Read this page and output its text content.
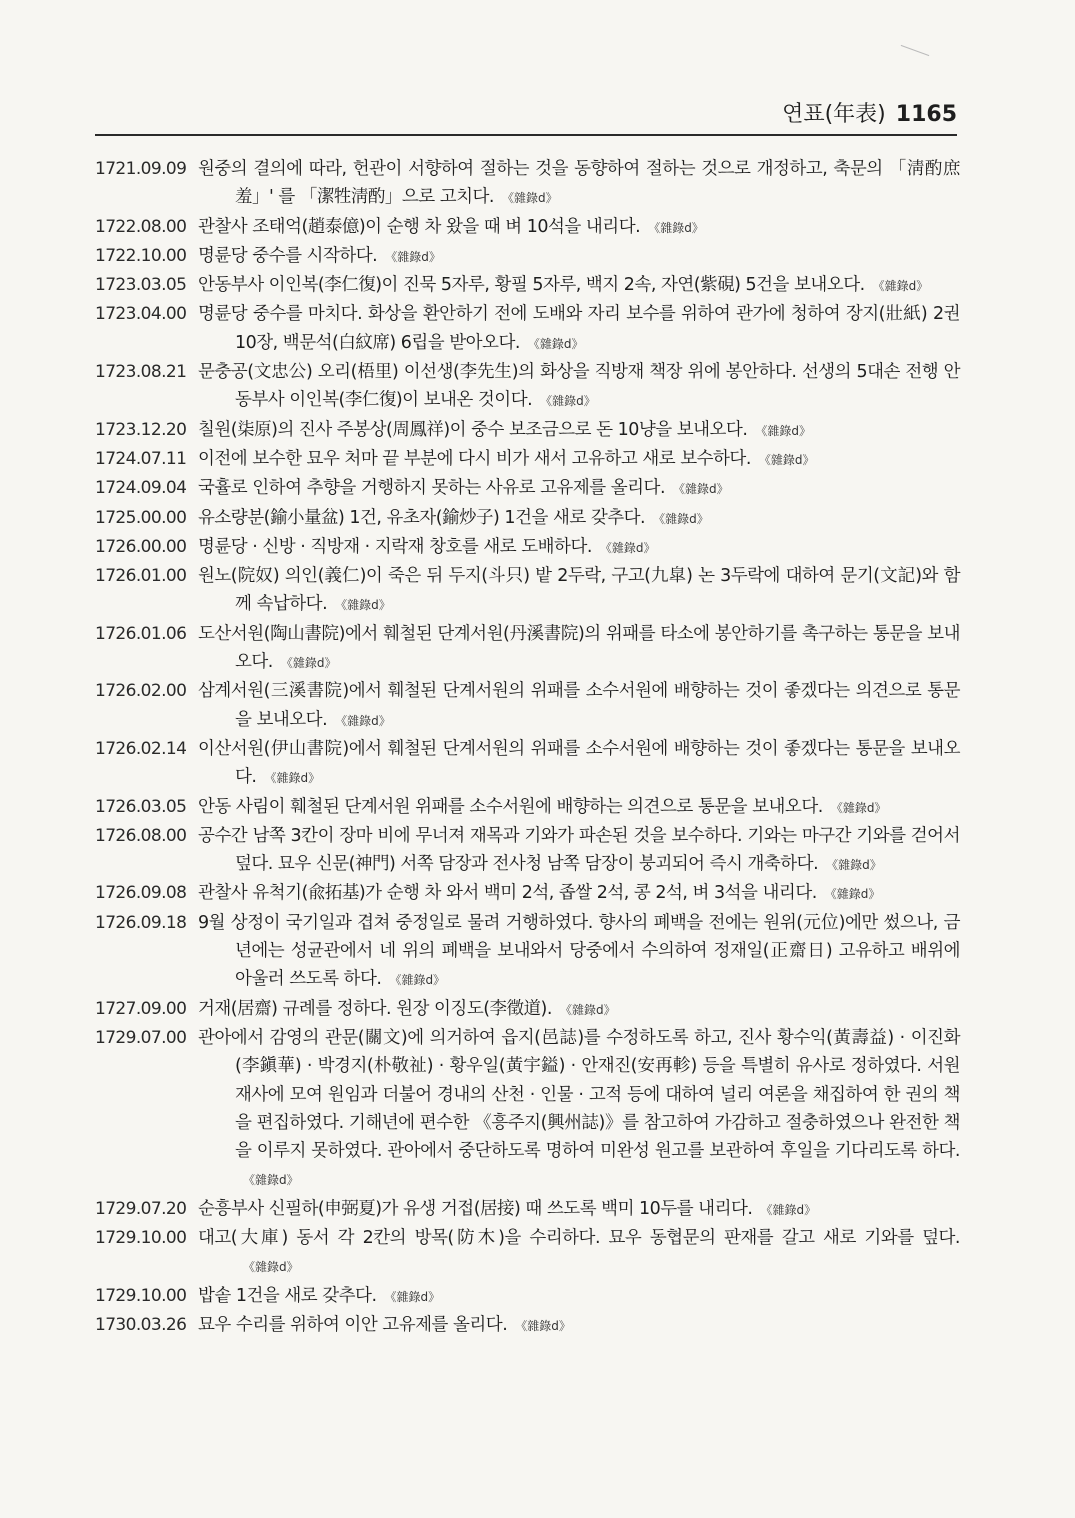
연표(年表) 1165
1721.09.09 원중의 결의에 따라, 헌관이 서향하여 절하는 것을 동향하여 절하는 것으로 개정하고, 축문의 「淸酌庶羞」' 를 「潔牲淸酌」으로 고치다. 《雜錄d》
1722.08.00 관찰사 조태억(趙泰億)이 순행 차 왔을 때 벼 10석을 내리다. 《雜錄d》
1722.10.00 명륜당 중수를 시작하다. 《雜錄d》
1723.03.05 안동부사 이인복(李仁復)이 진묵 5자루, 황필 5자루, 백지 2속, 자연(紫硯) 5건을 보내오다. 《雜錄d》
1723.04.00 명륜당 중수를 마치다. 화상을 환안하기 전에 도배와 자리 보수를 위하여 관가에 청하여 장지(壯紙) 2권 10장, 백문석(白紋席) 6립을 받아오다. 《雜錄d》
1723.08.21 문충공(文忠公) 오리(梧里) 이선생(李先生)의 화상을 직방재 책장 위에 봉안하다. 선생의 5대손 전행 안동부사 이인복(李仁復)이 보내온 것이다. 《雜錄d》
1723.12.20 칠원(柒原)의 진사 주봉상(周鳳祥)이 중수 보조금으로 돈 10냥을 보내오다. 《雜錄d》
1724.07.11 이전에 보수한 묘우 처마 끝 부분에 다시 비가 새서 고유하고 새로 보수하다. 《雜錄d》
1724.09.04 국휼로 인하여 추향을 거행하지 못하는 사유로 고유제를 올리다. 《雜錄d》
1725.00.00 유소량분(鍮小量盆) 1건, 유초자(鍮炒子) 1건을 새로 갖추다. 《雜錄d》
1726.00.00 명륜당 · 신방 · 직방재 · 지락재 창호를 새로 도배하다. 《雜錄d》
1726.01.00 원노(院奴) 의인(義仁)이 죽은 뒤 두지(斗只) 밭 2두락, 구고(九皐) 논 3두락에 대하여 문기(文記)와 함께 속납하다. 《雜錄d》
1726.01.06 도산서원(陶山書院)에서 훼철된 단계서원(丹溪書院)의 위패를 타소에 봉안하기를 촉구하는 통문을 보내오다. 《雜錄d》
1726.02.00 삼계서원(三溪書院)에서 훼철된 단계서원의 위패를 소수서원에 배향하는 것이 좋겠다는 의견으로 통문을 보내오다. 《雜錄d》
1726.02.14 이산서원(伊山書院)에서 훼철된 단계서원의 위패를 소수서원에 배향하는 것이 좋겠다는 통문을 보내오다. 《雜錄d》
1726.03.05 안동 사림이 훼철된 단계서원 위패를 소수서원에 배향하는 의견으로 통문을 보내오다. 《雜錄d》
1726.08.00 공수간 남쪽 3칸이 장마 비에 무너져 재목과 기와가 파손된 것을 보수하다. 기와는 마구간 기와를 걷어서 덮다. 묘우 신문(神門) 서쪽 담장과 전사청 남쪽 담장이 붕괴되어 즉시 개축하다. 《雜錄d》
1726.09.08 관찰사 유척기(兪拓基)가 순행 차 와서 백미 2석, 좁쌀 2석, 콩 2석, 벼 3석을 내리다. 《雜錄d》
1726.09.18 9월 상정이 국기일과 겹쳐 중정일로 물려 거행하였다. 향사의 폐백을 전에는 원위(元位)에만 썼으나, 금년에는 성균관에서 네 위의 폐백을 보내와서 당중에서 수의하여 정재일(正齋日) 고유하고 배위에 아울러 쓰도록 하다. 《雜錄d》
1727.09.00 거재(居齋) 규례를 정하다. 원장 이징도(李徵道). 《雜錄d》
1729.07.00 관아에서 감영의 관문(關文)에 의거하여 읍지(邑誌)를 수정하도록 하고, 진사 황수익(黃壽益) · 이진화(李鎭華) · 박경지(朴敬祉) · 황우일(黃宇鎰) · 안재진(安再軫) 등을 특별히 유사로 정하였다. 서원 재사에 모여 원임과 더불어 경내의 산천 · 인물 · 고적 등에 대하여 널리 여론을 채집하여 한 권의 책을 편집하였다. 기해년에 편수한 《흥주지(興州誌)》를 참고하여 가감하고 절충하였으나 완전한 책을 이루지 못하였다. 관아에서 중단하도록 명하여 미완성 원고를 보관하여 후일을 기다리도록 하다.《雜錄d》
1729.07.20 순흥부사 신필하(申弼夏)가 유생 거접(居接) 때 쓰도록 백미 10두를 내리다. 《雜錄d》
1729.10.00 대고(大庫) 동서 각 2칸의 방목(防木)을 수리하다. 묘우 동협문의 판재를 갈고 새로 기와를 덮다.《雜錄d》
1729.10.00 밥솥 1건을 새로 갖추다. 《雜錄d》
1730.03.26 묘우 수리를 위하여 이안 고유제를 올리다. 《雜錄d》
